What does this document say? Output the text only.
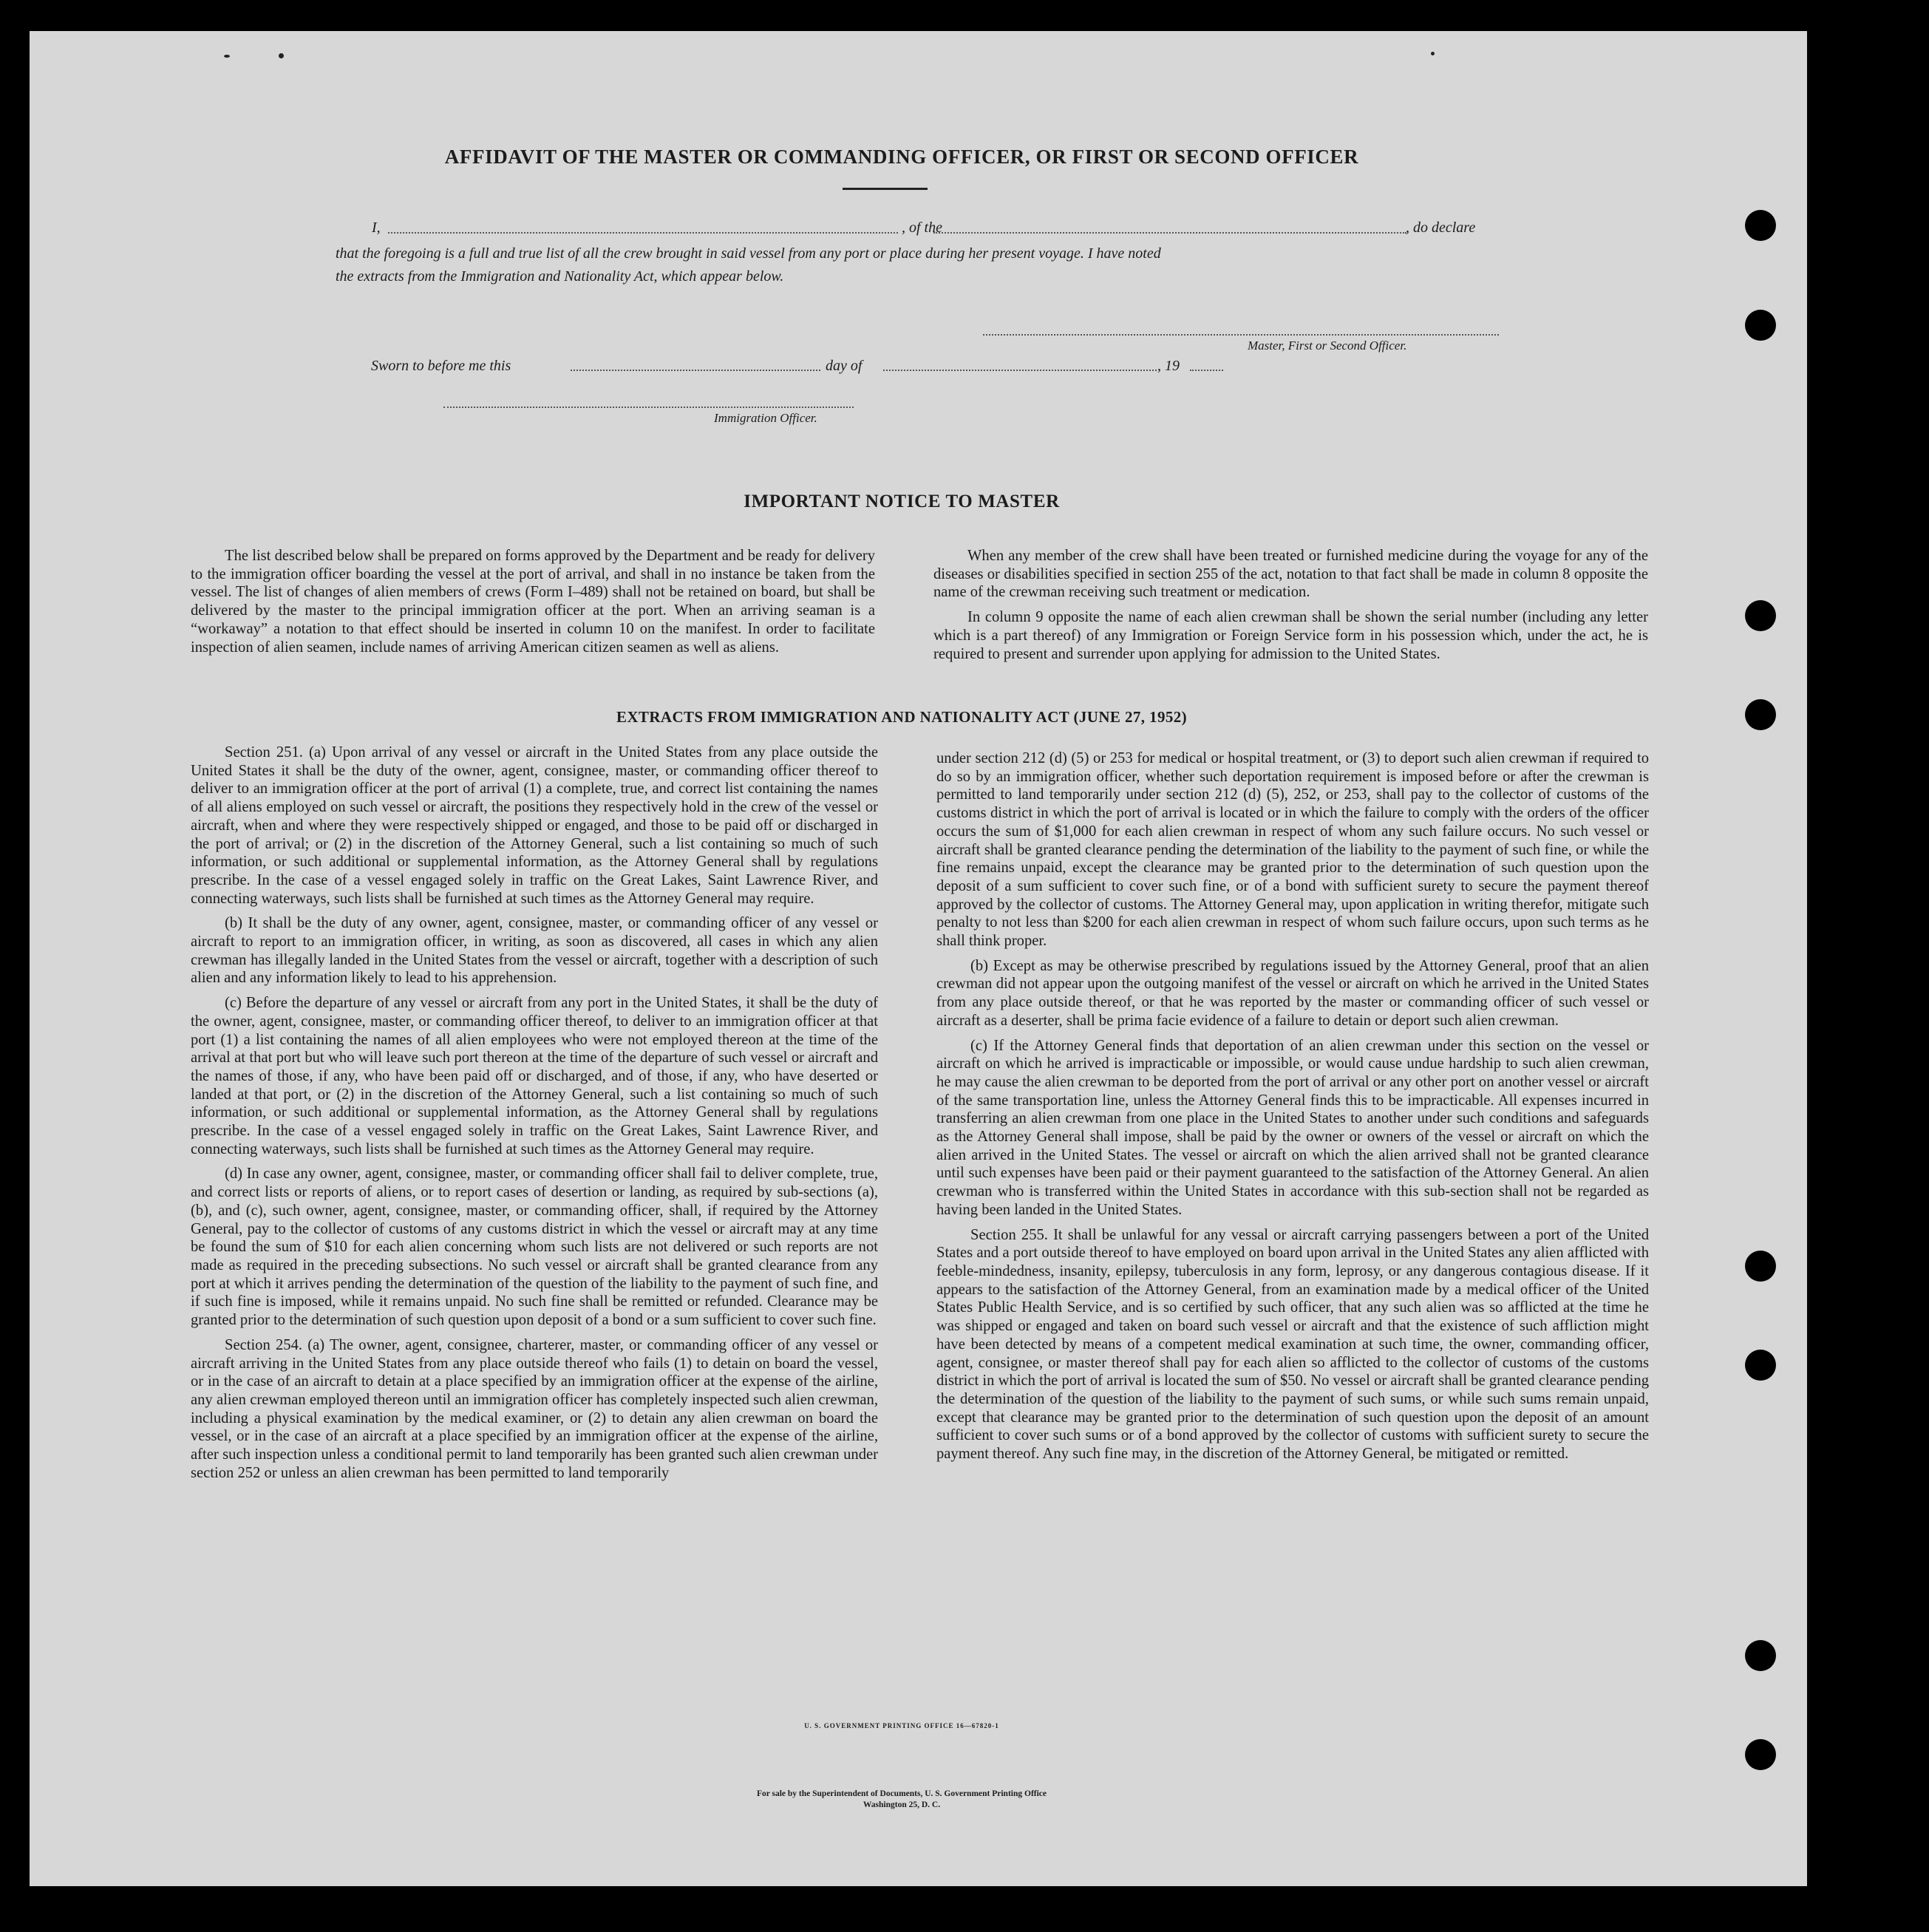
AFFIDAVIT OF THE MASTER OR COMMANDING OFFICER, OR FIRST OR SECOND OFFICER
I,	, of the	, do declare
that the foregoing is a full and true list of all the crew brought in said vessel from any port or place during her present voyage. I have noted
the extracts from the Immigration and Nationality Act, which appear below.
Master, First or Second Officer.
Sworn to before me this	day of	, 19
Immigration Officer.
IMPORTANT NOTICE TO MASTER

The list described below shall be prepared on forms approved by the Department and be ready for delivery to the immigration officer boarding the vessel at the port of arrival, and shall in no instance be taken from the vessel. The list of changes of alien members of crews (Form I–489) shall not be retained on board, but shall be delivered by the master to the principal immigration officer at the port. When an arriving seaman is a “workaway” a notation to that effect should be inserted in column 10 on the manifest. In order to facilitate inspection of alien seamen, include names of arriving American citizen seamen as well as aliens.

When any member of the crew shall have been treated or furnished medicine during the voyage for any of the diseases or disabilities specified in section 255 of the act, notation to that fact shall be made in column 8 opposite the name of the crewman receiving such treatment or medication.

In column 9 opposite the name of each alien crewman shall be shown the serial number (including any letter which is a part thereof) of any Immigration or Foreign Service form in his possession which, under the act, he is required to present and surrender upon applying for admission to the United States.

EXTRACTS FROM IMMIGRATION AND NATIONALITY ACT (JUNE 27, 1952)

Section 251. (a) Upon arrival of any vessel or aircraft in the United States from any place outside the United States it shall be the duty of the owner, agent, consignee, master, or commanding officer thereof to deliver to an immigration officer at the port of arrival (1) a complete, true, and correct list containing the names of all aliens employed on such vessel or aircraft, the positions they respectively hold in the crew of the vessel or aircraft, when and where they were respectively shipped or engaged, and those to be paid off or discharged in the port of arrival; or (2) in the discretion of the Attorney General, such a list containing so much of such information, or such additional or supplemental information, as the Attorney General shall by regulations prescribe. In the case of a vessel engaged solely in traffic on the Great Lakes, Saint Lawrence River, and connecting waterways, such lists shall be furnished at such times as the Attorney General may require.

(b) It shall be the duty of any owner, agent, consignee, master, or commanding officer of any vessel or aircraft to report to an immigration officer, in writing, as soon as discovered, all cases in which any alien crewman has illegally landed in the United States from the vessel or aircraft, together with a description of such alien and any information likely to lead to his apprehension.

(c) Before the departure of any vessel or aircraft from any port in the United States, it shall be the duty of the owner, agent, consignee, master, or commanding officer thereof, to deliver to an immigration officer at that port (1) a list containing the names of all alien employees who were not employed thereon at the time of the arrival at that port but who will leave such port thereon at the time of the departure of such vessel or aircraft and the names of those, if any, who have been paid off or discharged, and of those, if any, who have deserted or landed at that port, or (2) in the discretion of the Attorney General, such a list containing so much of such information, or such additional or supplemental information, as the Attorney General shall by regulations prescribe. In the case of a vessel engaged solely in traffic on the Great Lakes, Saint Lawrence River, and connecting waterways, such lists shall be furnished at such times as the Attorney General may require.

(d) In case any owner, agent, consignee, master, or commanding officer shall fail to deliver complete, true, and correct lists or reports of aliens, or to report cases of desertion or landing, as required by sub-sections (a), (b), and (c), such owner, agent, consignee, master, or commanding officer, shall, if required by the Attorney General, pay to the collector of customs of any customs district in which the vessel or aircraft may at any time be found the sum of $10 for each alien concerning whom such lists are not delivered or such reports are not made as required in the preceding subsections. No such vessel or aircraft shall be granted clearance from any port at which it arrives pending the determination of the question of the liability to the payment of such fine, and if such fine is imposed, while it remains unpaid. No such fine shall be remitted or refunded. Clearance may be granted prior to the determination of such question upon deposit of a bond or a sum sufficient to cover such fine.

Section 254. (a) The owner, agent, consignee, charterer, master, or commanding officer of any vessel or aircraft arriving in the United States from any place outside thereof who fails (1) to detain on board the vessel, or in the case of an aircraft to detain at a place specified by an immigration officer at the expense of the airline, any alien crewman employed thereon until an immigration officer has completely inspected such alien crewman, including a physical examination by the medical examiner, or (2) to detain any alien crewman on board the vessel, or in the case of an aircraft at a place specified by an immigration officer at the expense of the airline, after such inspection unless a conditional permit to land temporarily has been granted such alien crewman under section 252 or unless an alien crewman has been permitted to land temporarily

under section 212 (d) (5) or 253 for medical or hospital treatment, or (3) to deport such alien crewman if required to do so by an immigration officer, whether such deportation requirement is imposed before or after the crewman is permitted to land temporarily under section 212 (d) (5), 252, or 253, shall pay to the collector of customs of the customs district in which the port of arrival is located or in which the failure to comply with the orders of the officer occurs the sum of $1,000 for each alien crewman in respect of whom any such failure occurs. No such vessel or aircraft shall be granted clearance pending the determination of the liability to the payment of such fine, or while the fine remains unpaid, except the clearance may be granted prior to the determination of such question upon the deposit of a sum sufficient to cover such fine, or of a bond with sufficient surety to secure the payment thereof approved by the collector of customs. The Attorney General may, upon application in writing therefor, mitigate such penalty to not less than $200 for each alien crewman in respect of whom such failure occurs, upon such terms as he shall think proper.

(b) Except as may be otherwise prescribed by regulations issued by the Attorney General, proof that an alien crewman did not appear upon the outgoing manifest of the vessel or aircraft on which he arrived in the United States from any place outside thereof, or that he was reported by the master or commanding officer of such vessel or aircraft as a deserter, shall be prima facie evidence of a failure to detain or deport such alien crewman.

(c) If the Attorney General finds that deportation of an alien crewman under this section on the vessel or aircraft on which he arrived is impracticable or impossible, or would cause undue hardship to such alien crewman, he may cause the alien crewman to be deported from the port of arrival or any other port on another vessel or aircraft of the same transportation line, unless the Attorney General finds this to be impracticable. All expenses incurred in transferring an alien crewman from one place in the United States to another under such conditions and safeguards as the Attorney General shall impose, shall be paid by the owner or owners of the vessel or aircraft on which the alien arrived in the United States. The vessel or aircraft on which the alien arrived shall not be granted clearance until such expenses have been paid or their payment guaranteed to the satisfaction of the Attorney General. An alien crewman who is transferred within the United States in accordance with this sub-section shall not be regarded as having been landed in the United States.

Section 255. It shall be unlawful for any vessal or aircraft carrying passengers between a port of the United States and a port outside thereof to have employed on board upon arrival in the United States any alien afflicted with feeble-mindedness, insanity, epilepsy, tuberculosis in any form, leprosy, or any dangerous contagious disease. If it appears to the satisfaction of the Attorney General, from an examination made by a medical officer of the United States Public Health Service, and is so certified by such officer, that any such alien was so afflicted at the time he was shipped or engaged and taken on board such vessel or aircraft and that the existence of such affliction might have been detected by means of a competent medical examination at such time, the owner, commanding officer, agent, consignee, or master thereof shall pay for each alien so afflicted to the collector of customs of the customs district in which the port of arrival is located the sum of $50. No vessel or aircraft shall be granted clearance pending the determination of the question of the liability to the payment of such sums, or while such sums remain unpaid, except that clearance may be granted prior to the determination of such question upon the deposit of an amount sufficient to cover such sums or of a bond approved by the collector of customs with sufficient surety to secure the payment thereof. Any such fine may, in the discretion of the Attorney General, be mitigated or remitted.

U. S. GOVERNMENT PRINTING OFFICE 16—67820-1
For sale by the Superintendent of Documents, U. S. Government Printing Office
Washington 25, D. C.
